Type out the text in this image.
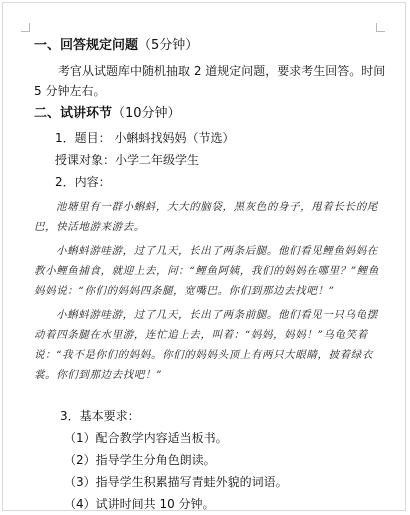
一、回答规定问题（5分钟）
考官从试题库中随机抽取 2 道规定问题，要求考生回答。时间 5 分钟左右。
二、试讲环节（10分钟）
1．题目： 小蝌蚪找妈妈（节选）
授课对象：小学二年级学生
2．内容：
池塘里有一群小蝌蚪，大大的脑袋，黑灰色的身子，甩着长长的尾巴，快活地游来游去。
小蝌蚪游哇游，过了几天，长出了两条后腿。他们看见鲤鱼妈妈在教小鲤鱼捕食，就迎上去，问：“鲤鱼阿姨，我们的妈妈在哪里？”鲤鱼妈妈说：“你们的妈妈四条腿，宽嘴巴。你们到那边去找吧！”
小蝌蚪游哇游，过了几天，长出了两条前腿。他们看见一只乌龟摆动着四条腿在水里游，连忙追上去，叫着：“妈妈，妈妈！”乌龟笑着说：“我不是你们的妈妈。你们的妈妈头顶上有两只大眼睛，披着绿衣裳。你们到那边去找吧！”
3．基本要求：
（1）配合教学内容适当板书。
（2）指导学生分角色朗读。
（3）指导学生积累描写青蛙外貌的词语。
（4）试讲时间共 10 分钟。
